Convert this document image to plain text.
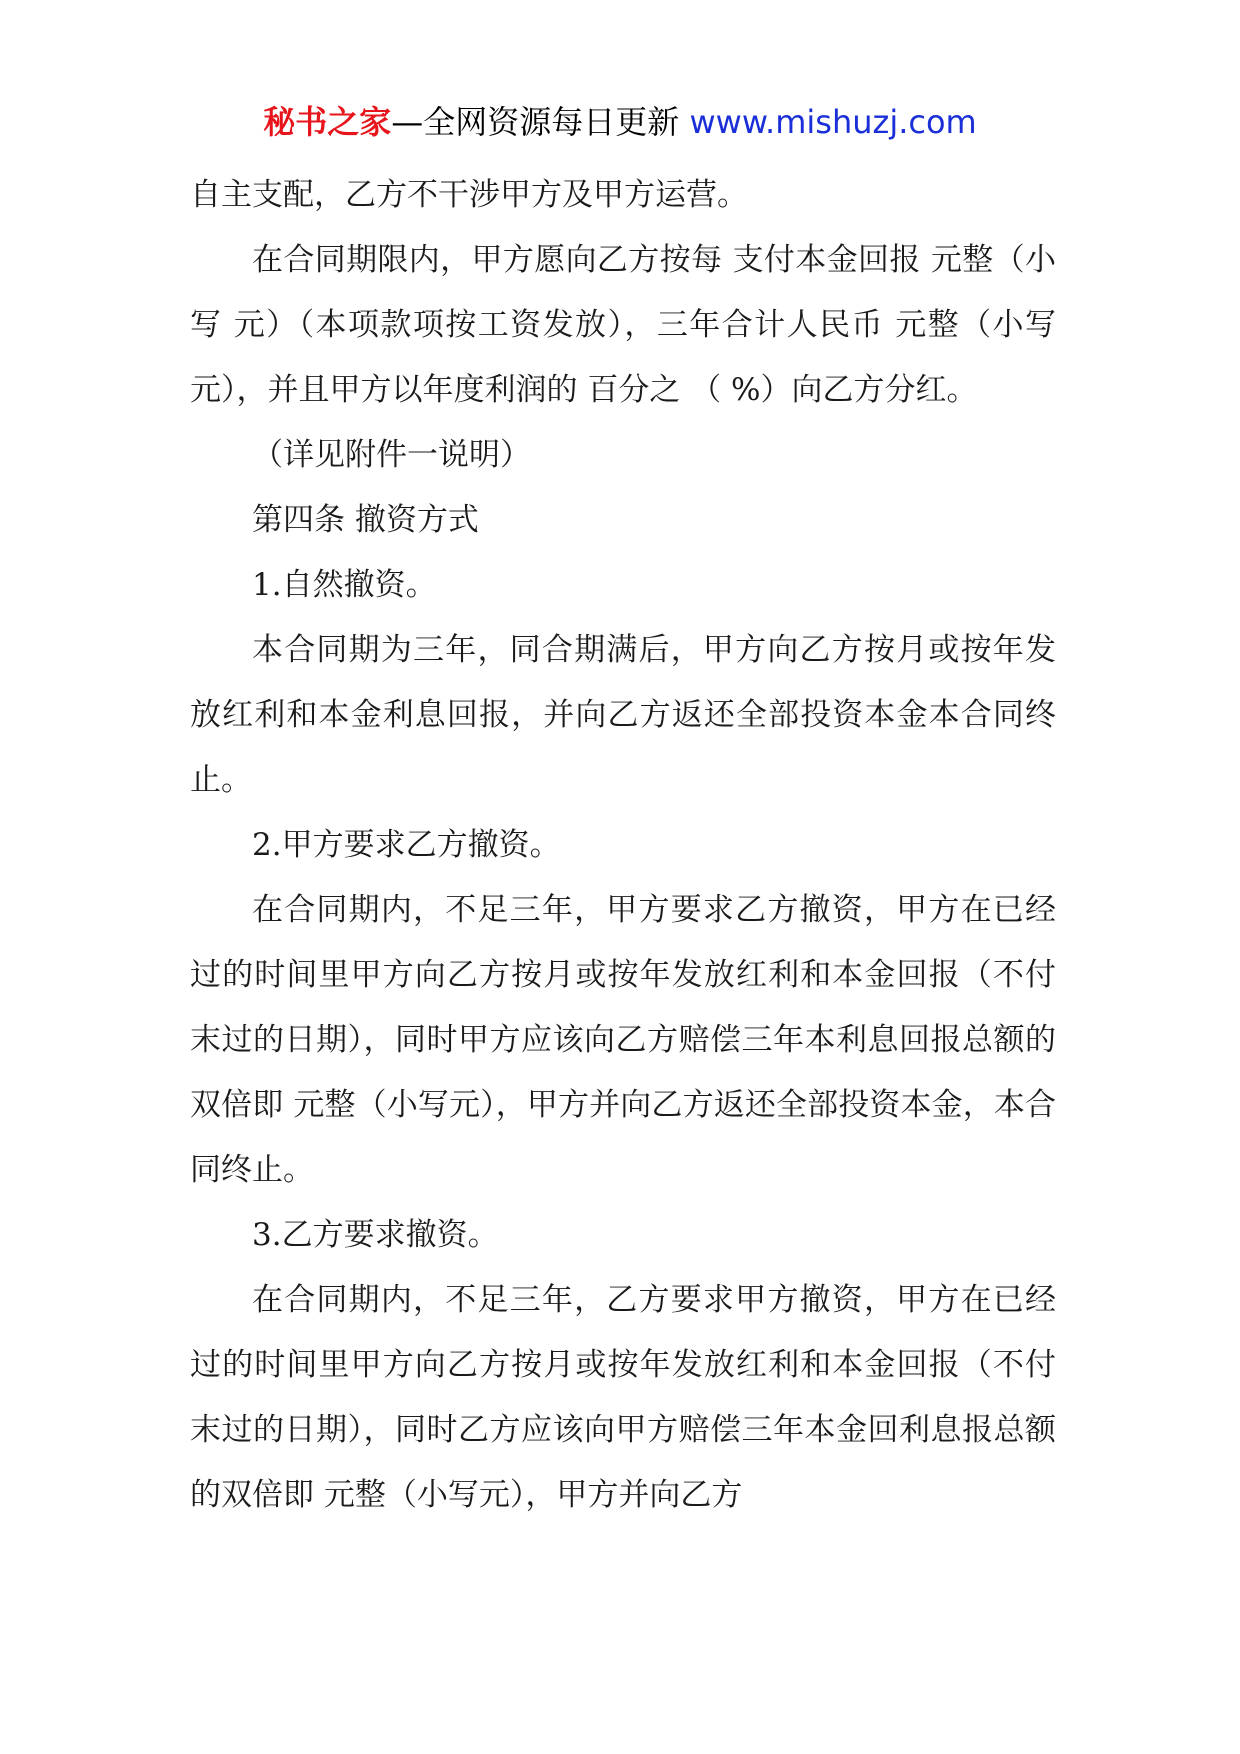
秘书之家—全网资源每日更新 www.mishuzj.com

自主支配，乙方不干涉甲方及甲方运营。

在合同期限内，甲方愿向乙方按每 支付本金回报 元整（小写 元）（本项款项按工资发放），三年合计人民币 元整（小写 元），并且甲方以年度利润的 百分之 （ %）向乙方分红。

（详见附件一说明）

第四条 撤资方式

1.自然撤资。

本合同期为三年，同合期满后，甲方向乙方按月或按年发放红利和本金利息回报，并向乙方返还全部投资本金本合同终止。

2.甲方要求乙方撤资。

在合同期内，不足三年，甲方要求乙方撤资，甲方在已经过的时间里甲方向乙方按月或按年发放红利和本金回报（不付末过的日期），同时甲方应该向乙方赔偿三年本利息回报总额的双倍即 元整（小写元），甲方并向乙方返还全部投资本金，本合同终止。

3.乙方要求撤资。

在合同期内，不足三年，乙方要求甲方撤资，甲方在已经过的时间里甲方向乙方按月或按年发放红利和本金回报（不付末过的日期），同时乙方应该向甲方赔偿三年本金回利息报总额的双倍即 元整（小写元），甲方并向乙方
